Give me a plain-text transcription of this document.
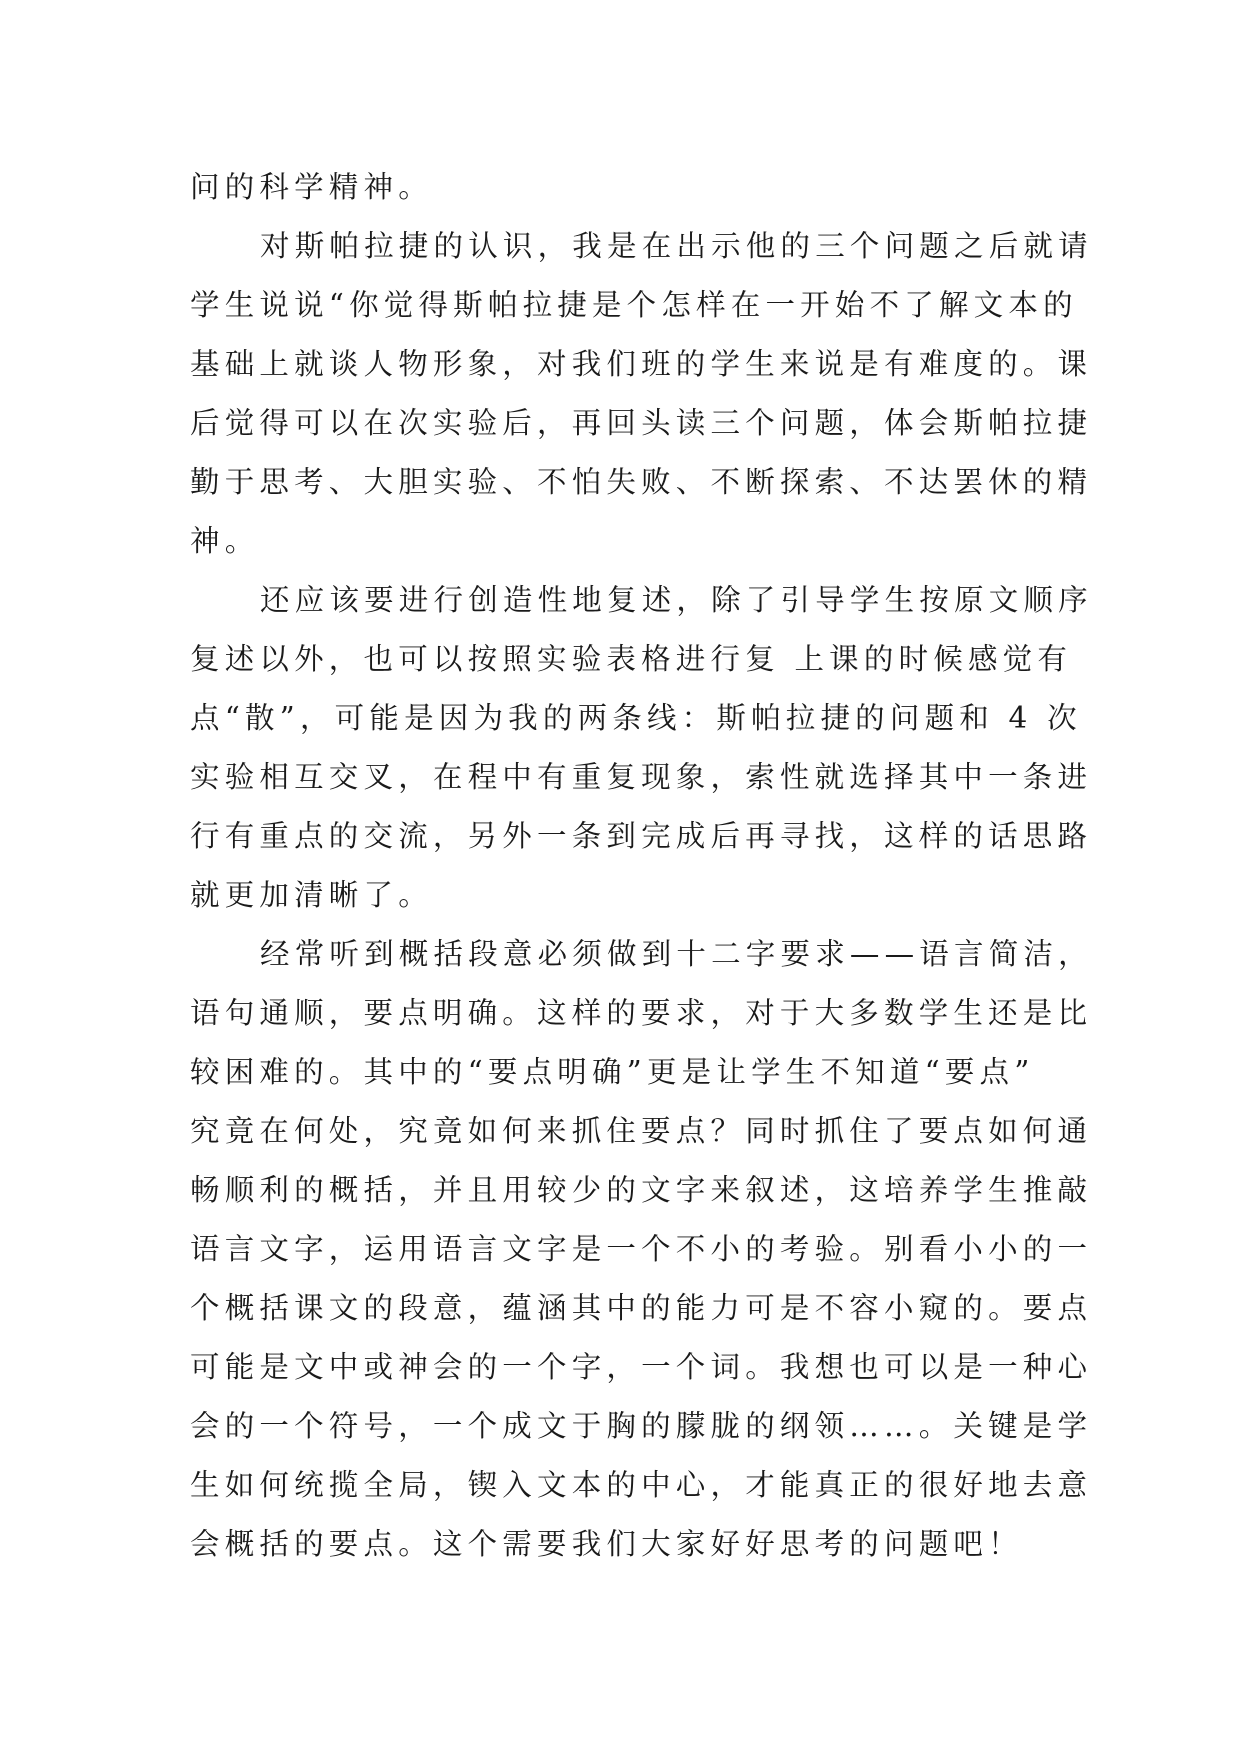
问的科学精神。
对斯帕拉捷的认识，我是在出示他的三个问题之后就请
学生说说“你觉得斯帕拉捷是个怎样在一开始不了解文本的
基础上就谈人物形象，对我们班的学生来说是有难度的。课
后觉得可以在次实验后，再回头读三个问题，体会斯帕拉捷
勤于思考、大胆实验、不怕失败、不断探索、不达罢休的精
神。
还应该要进行创造性地复述，除了引导学生按原文顺序
复述以外，也可以按照实验表格进行复 上课的时候感觉有
点“散”，可能是因为我的两条线：斯帕拉捷的问题和 4 次
实验相互交叉，在程中有重复现象，索性就选择其中一条进
行有重点的交流，另外一条到完成后再寻找，这样的话思路
就更加清晰了。
经常听到概括段意必须做到十二字要求——语言简洁，
语句通顺，要点明确。这样的要求，对于大多数学生还是比
较困难的。其中的“要点明确”更是让学生不知道“要点”
究竟在何处，究竟如何来抓住要点？同时抓住了要点如何通
畅顺利的概括，并且用较少的文字来叙述，这培养学生推敲
语言文字，运用语言文字是一个不小的考验。别看小小的一
个概括课文的段意，蕴涵其中的能力可是不容小窥的。要点
可能是文中或神会的一个字，一个词。我想也可以是一种心
会的一个符号，一个成文于胸的朦胧的纲领……。关键是学
生如何统揽全局，锲入文本的中心，才能真正的很好地去意
会概括的要点。这个需要我们大家好好思考的问题吧！
